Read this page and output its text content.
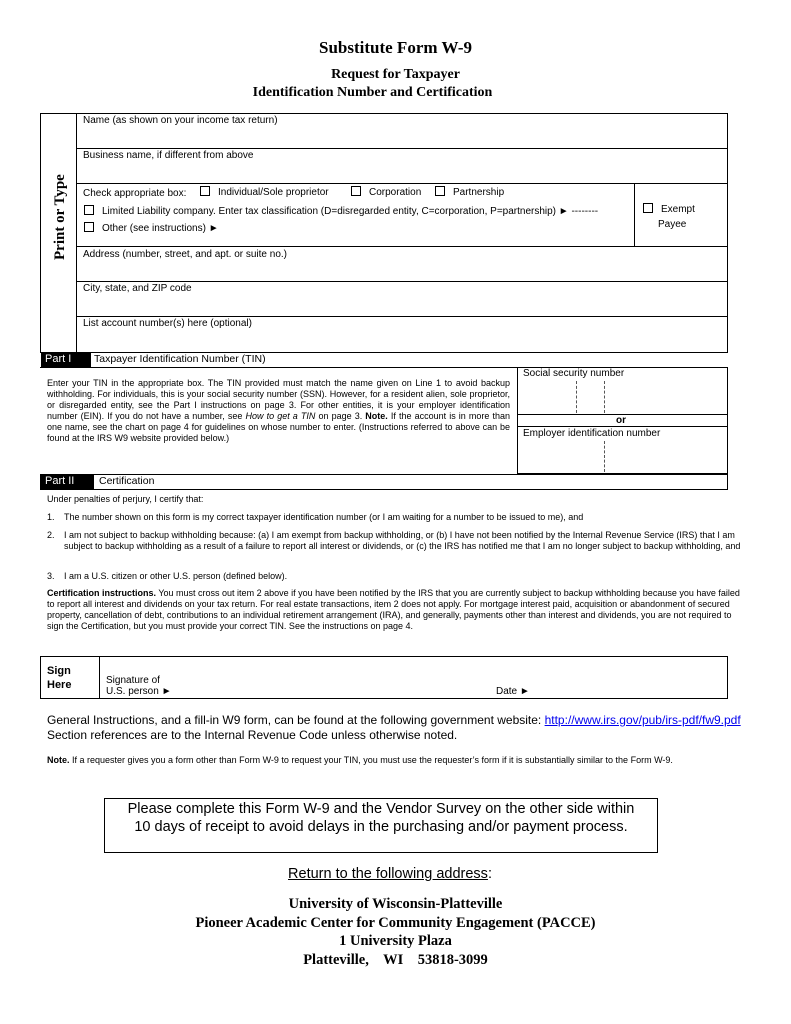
Substitute Form W-9
Request for Taxpayer
Identification Number and Certification
Print or Type
Name (as shown on your income tax return)
Business name, if different from above
Check appropriate box:	Individual/Sole proprietor	Corporation	Partnership
Limited Liability company. Enter tax classification (D=disregarded entity, C=corporation, P=partnership) ► --------
Other (see instructions) ►
Exempt
Payee
Address (number, street, and apt. or suite no.)
City, state, and ZIP code
List account number(s) here (optional)
Part I	Taxpayer Identification Number (TIN)
Enter your TIN in the appropriate box. The TIN provided must match the name given on Line 1 to avoid backup withholding. For individuals, this is your social security number (SSN). However, for a resident alien, sole proprietor, or disregarded entity, see the Part I instructions on page 3. For other entities, it is your employer identification number (EIN). If you do not have a number, see How to get a TIN on page 3. Note. If the account is in more than one name, see the chart on page 4 for guidelines on whose number to enter. (Instructions referred to above can be found at the IRS W9 website provided below.)
Social security number
or
Employer identification number
Part II	Certification
Under penalties of perjury, I certify that:
1. The number shown on this form is my correct taxpayer identification number (or I am waiting for a number to be issued to me), and
2. I am not subject to backup withholding because: (a) I am exempt from backup withholding, or (b) I have not been notified by the Internal Revenue Service (IRS) that I am subject to backup withholding as a result of a failure to report all interest or dividends, or (c) the IRS has notified me that I am no longer subject to backup withholding, and
3. I am a U.S. citizen or other U.S. person (defined below).
Certification instructions. You must cross out item 2 above if you have been notified by the IRS that you are currently subject to backup withholding because you have failed to report all interest and dividends on your tax return. For real estate transactions, item 2 does not apply. For mortgage interest paid, acquisition or abandonment of secured property, cancellation of debt, contributions to an individual retirement arrangement (IRA), and generally, payments other than interest and dividends, you are not required to sign the Certification, but you must provide your correct TIN. See the instructions on page 4.
Sign
Here	Signature of
U.S. person ►	Date ►
General Instructions, and a fill-in W9 form, can be found at the following government website: http://www.irs.gov/pub/irs-pdf/fw9.pdf Section references are to the Internal Revenue Code unless otherwise noted.
Note. If a requester gives you a form other than Form W-9 to request your TIN, you must use the requester’s form if it is substantially similar to the Form W-9.
Please complete this Form W-9 and the Vendor Survey on the other side within 10 days of receipt to avoid delays in the purchasing and/or payment process.
Return to the following address:
University of Wisconsin-Platteville
Pioneer Academic Center for Community Engagement (PACCE)
1 University Plaza
Platteville,    WI    53818-3099
